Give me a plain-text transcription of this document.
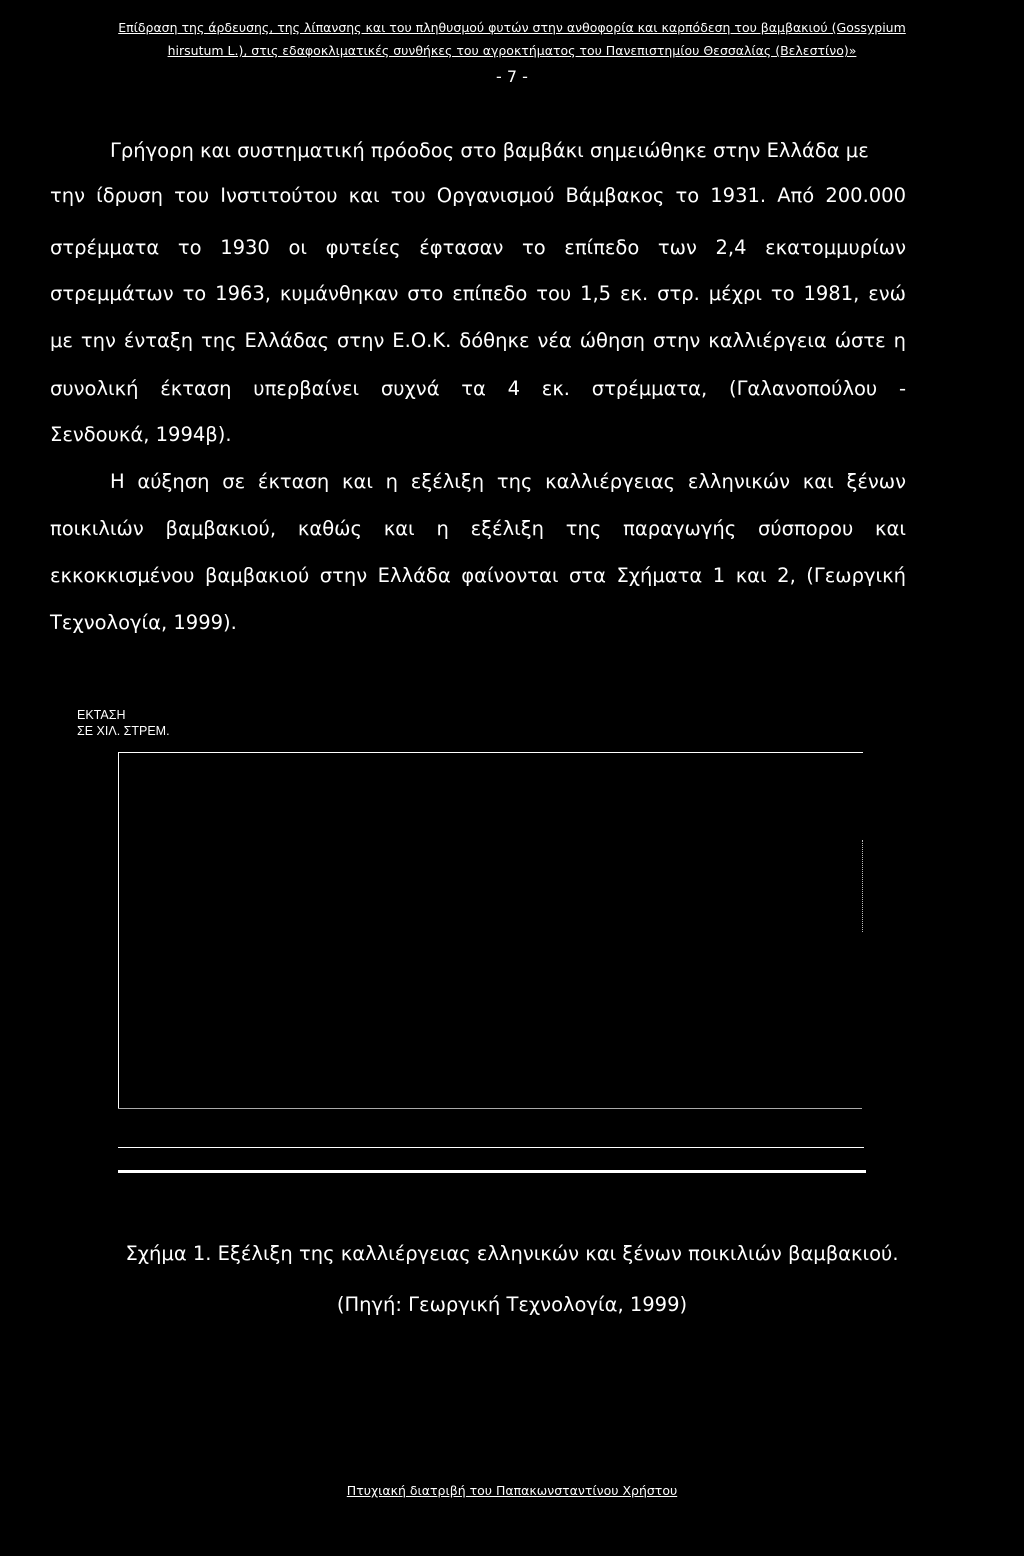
Επίδραση της άρδευσης, της λίπανσης και του πληθυσμού φυτών στην ανθοφορία και καρπόδεση του βαμβακιού (Gossypium
hirsutum L.), στις εδαφοκλιματικές συνθήκες του αγροκτήματος του Πανεπιστημίου Θεσσαλίας (Βελεστίνο)»
- 7 -
Γρήγορη και συστηματική πρόοδος στο βαμβάκι σημειώθηκε στην Ελλάδα με
την ίδρυση του Ινστιτούτου και του Οργανισμού Βάμβακος το 1931. Από 200.000
στρέμματα το 1930 οι φυτείες έφτασαν το επίπεδο των 2,4 εκατομμυρίων
στρεμμάτων το 1963, κυμάνθηκαν στο επίπεδο του 1,5 εκ. στρ. μέχρι το 1981, ενώ
με την ένταξη της Ελλάδας στην Ε.Ο.Κ. δόθηκε νέα ώθηση στην καλλιέργεια ώστε η
συνολική έκταση υπερβαίνει συχνά τα 4 εκ. στρέμματα, (Γαλανοπούλου -
Σενδουκά, 1994β).
Η αύξηση σε έκταση και η εξέλιξη της καλλιέργειας ελληνικών και ξένων
ποικιλιών βαμβακιού, καθώς και η εξέλιξη της παραγωγής σύσπορου και
εκκοκκισμένου βαμβακιού στην Ελλάδα φαίνονται στα Σχήματα 1 και 2, (Γεωργική
Τεχνολογία, 1999).
ΕΚΤΑΣΗ
ΣΕ ΧΙΛ. ΣΤΡΕΜ.
Σχήμα 1. Εξέλιξη της καλλιέργειας ελληνικών και ξένων ποικιλιών βαμβακιού.
(Πηγή: Γεωργική Τεχνολογία, 1999)
Πτυχιακή διατριβή του Παπακωνσταντίνου Χρήστου
